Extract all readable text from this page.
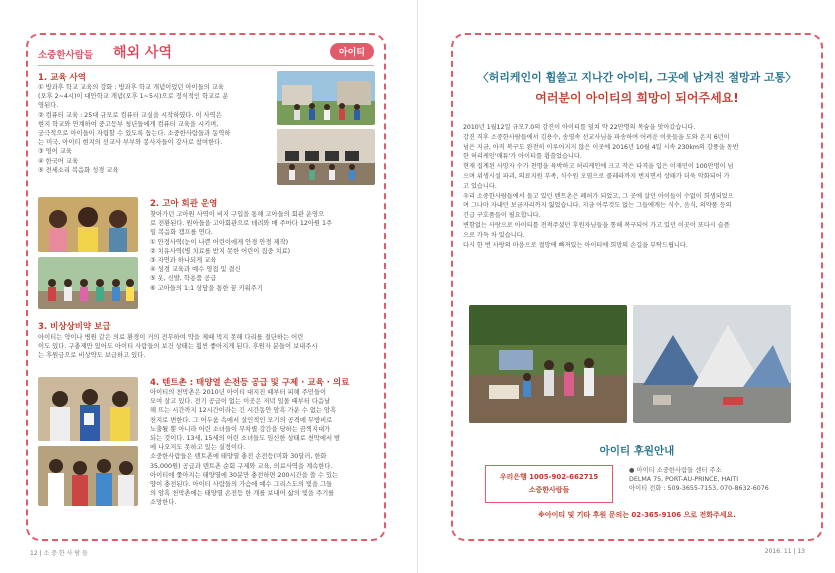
소중한사람들 해외 사역	아이티
1. 교육 사역
① 방과후 학교 교육의 강화 : 방과후 학교 개념이었던 아이들의 교육
(오후 2~4시)이 대안학교 개념(오후 1~5시)으로 정식적인 학교로 운
영된다.
② 컴퓨터 교육 : 25대 규모로 컴퓨터 교실을 시작하였다. 이 사역은
현지 학교와 연계하여 중고등부 청년들에게 컴퓨터 교육을 시키며,
궁극적으로 아이들이 자립할 수 있도록 돕는다. 소중한사람들과 동역하
는 미국, 아이티 현지의 선교사 부부와 봉사자들이 강사로 참여한다.
③ 영어 교육
④ 한국어 교육
⑤ 전세소리 복음화 성경 교육
2. 고아 회관 운영
찾아가던 고아원 사역이 비지 구입을 통해 고아들의 회관 운영으
로 전환된다. 원아들을 고아회관으로 데려와 매 주마다 12아원 1주
일 복음화 캠프를 연다.
① 안정사역(눈이 나쁜 어린이에게 안경 안경 제작)
② 치유사역(병 치료를 받지 못한 어린이 집중 치료)
③ 자연과 하나되게 교육
④ 성경 교육과 예수 영접 및 결신
⑤ 옷, 신발, 학용품 공급
⑥ 고아들의 1:1 상담을 통한 꿈 키워주기
3. 비상상비약 보급
아이티는 약이나 병원 같은 의료 환경이 거의 전무하여 약을 제때 먹지 못해 다리를 절단하는 어린
이도 있다. 구충제만 있어도 아이티 사람들의 보건 상태는 훨씬 좋아지게 된다. 후원자 분들이 보내주시
는 후원금으로 비상약도 보급하고 있다.
4. 텐트촌 : 태양열 손전등 공급 및 구제 · 교육 · 의료
아이티의 천막촌은 2010년 아이티 대지진 때부터 피해 주민들이
모여 살고 있다. 전기 공급이 없는 이곳은 저녁 일몰 때부터 다음날
해 뜨는 시간까지 12시간이라는 긴 시간동안 암흑 가운 수 없는 암흑
천지로 변한다. 그 어두움 속에서 살인적인 모기의 공격에 무방비로
노출될 뿐 아니라 어린 소녀들이 무차별 강간을 당하는 끔찍지대가
되는 것이다. 13세, 15세의 어린 소녀들도 임신한 상태로 천막에서 밤
에 나오지도 못하고 있는 실정이다.
소중한사람들은 텐트촌에 태양열 충전 손전등(미화 30달러, 한화
35,000원) 공급과 텐트촌 순회 구제와 교육, 의료사역을 계속한다.
아이티에 쫓아지는 태양열에 30분만 충전하면 200시간을 쓸 수 있는
양이 충전된다. 아이티 사람들의 가슴에 예수 그리스도의 빛을 그들
의 암흑 천막촌에는 태양열 손전등 한 개를 보내어 삶의 빛을 주기를
소망한다.
12 | 소 중 한 사 람 들
〈허리케인이 휩쓸고 지나간 아이티, 그곳에 남겨진 절망과 고통〉
여러분이 아이티의 희망이 되어주세요!
2010년 1월12일 규모7.0의 강진이 아이티를 덮쳐 약 22만명의 목숨을 앗아갔습니다.
강진 직후 소중한사람들에서 김용수, 송영속 선교사님을 파송하여 어려운 이웃들을 도와 온지 6년이
넘은 지금, 아직 복구도 완전히 이루어지지 않은 이곳에 2016년 10월 4일 시속 230km의 강풍을 동반
한 허리케인'매튜'가 아이티를 휩쓸었습니다.
현재 집계된 사망자 수가 천명을 육박하고 허리케인에 크고 작은 타격을 입은 이재민이 100만명이 넘
으며 위생시설 파괴, 의료지원 부족, 식수원 오염으로 콜레라까지 번지면서 상태가 더욱 악화되어 가
고 있습니다.
우리 소중한사람들에서 돌고 있던 텐트촌은 폐허가 되었고, 그 곳에 살던 아이들이 수없이 희생되었으
며 그나마 자내던 보금자리까지 잃었습니다. 지금 아무것도 없는 그들에게는 식수, 음식, 의약품 등의
긴급 구호품들이 필요합니다.
변함없는 사랑으로 아이티를 전적주셨던 후원자님들을 통해 복구되어 가고 있던 이곳이 또다시 슬픔
으로 가득 차 있습니다.
다시 한 번 사랑의 마음으로 절망에 빠져있는 아이티에 희망의 손길을 부탁드립니다.
아이티 후원안내
우리은행 1005-902-662715
소중한사람들
● 아이티 소중한사람들 센터 주소
DELMA 75, PORT-AU-PRINCE, HAITI
아이티 전화 : 509-3655-7153, 070-8632-6076
※아이티 및 기타 후원 문의는 02-365-9106 으로 전화주세요.
2016. 11 | 13
